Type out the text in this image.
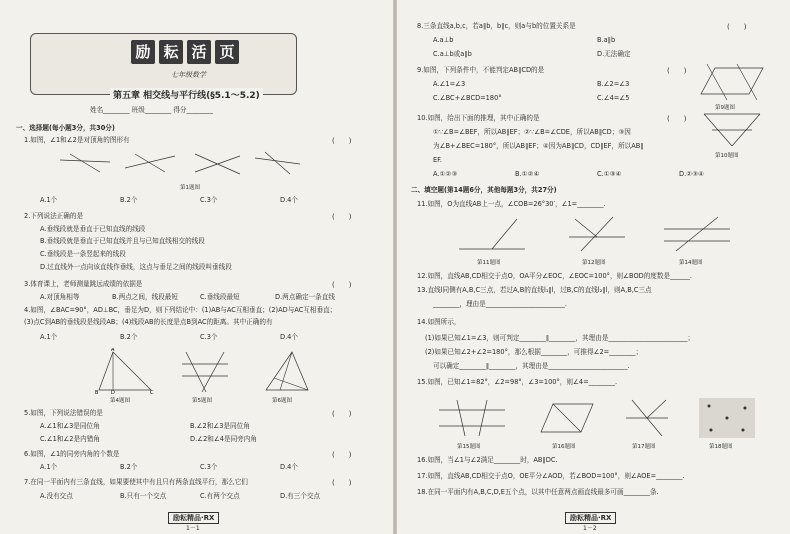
励 耘 活 页
七年级数学
第五章 相交线与平行线(§5.1～5.2)
姓名________ 班级________ 得分________
一、选择题(每小题3分，共30分)
1.如图，∠1和∠2是对顶角的图形有	(　　)
第1题图
A.1个	B.2个	C.3个	D.4个
2.下列说法正确的是	(　　)
A.垂线段就是垂直于已知直线的线段
B.垂线段就是垂直于已知直线并且与已知直线相交的线段
C.垂线段是一条竖起来的线段
D.过直线外一点向该直线作垂线，这点与垂足之间的线段叫垂线段
3.体育课上，老师测量跳远成绩的依据是	(　　)
A.对顶角相等	B.两点之间，线段最短	C.垂线段最短	D.两点确定一条直线
4.如图，∠BAC=90°，AD⊥BC，垂足为D，则下列结论中：(1)AB与AC互相垂直；(2)AD与AC互相垂直；
(3)点C到AB的垂线段是线段AB；(4)线段AB的长度是点B到AC的距离。其中正确的有
A.1个	B.2个	C.3个	D.4个
A
B	D	C
第4题图	第5题图	第6题图
5.如图，下列说法错误的是	(　　)
A.∠1和∠3是同位角	B.∠2和∠3是同位角
C.∠1和∠2是内错角	D.∠2和∠4是同旁内角
6.如图，∠1的同旁内角的个数是	(　　)
A.1个	B.2个	C.3个	D.4个
7.在同一平面内有三条直线，如果要使其中有且只有两条直线平行，那么它们	(　　)
A.没有交点	B.只有一个交点	C.有两个交点	D.有三个交点
励耘精品·RX
1－1
8.三条直线a,b,c，若a∥b，b∥c，则a与b的位置关系是	(　　)
A.a⊥b	B.a∥b
C.a⊥b或a∥b	D.无法确定
9.如图，下列条件中，不能判定AB∥CD的是	(　　)
A.∠1=∠3	B.∠2=∠3
C.∠BC+∠BCD=180°	C.∠4=∠5
第9题图
10.如图，给出下面的推理，其中正确的是	(　　)
①∵∠B=∠BEF，所以AB∥EF；②∵∠B=∠CDE，所以AB∥CD；③因
为∠B+∠BEC=180°，所以AB∥EF；④因为AB∥CD，CD∥EF，所以AB∥
EF.	第10题图
A.①②③	B.①②④	C.①③④	D.②③④
二、填空题(第14题6分，其他每题3分，共27分)
11.如图，O为直线AB上一点，∠COB=26°30′，∠1=________.
第11题图	第12题图	第14题图
12.如图，直线AB,CD相交于点O，OA平分∠EOC，∠EOC=100°，则∠BOD的度数是______.
13.直线l同侧有A,B,C三点，若过A,B的直线l₁∥l，过B,C的直线l₂∥l，则A,B,C三点
________，理由是________________________.
14.如图所示，
(1)如果已知∠1=∠3，则可判定________∥________，其理由是________________________；
(2)如果已知∠2+∠2=180°，那么根据________，可推得∠2=________；
可以确定________∥________，其理由是________________________.
15.如图，已知∠1=82°，∠2=98°，∠3=100°，则∠4=________.
第15题图	第16题图	第17题图	第18题图
16.如图，当∠1与∠2满足________时，AB∥DC.
17.如图，直线AB,CD相交于点O，OE平分∠AOD，若∠BOD=100°，则∠AOE=________.
18.在同一平面内有A,B,C,D,E五个点，以其中任意两点画直线最多可画________条.
励耘精品·RX
1－2
